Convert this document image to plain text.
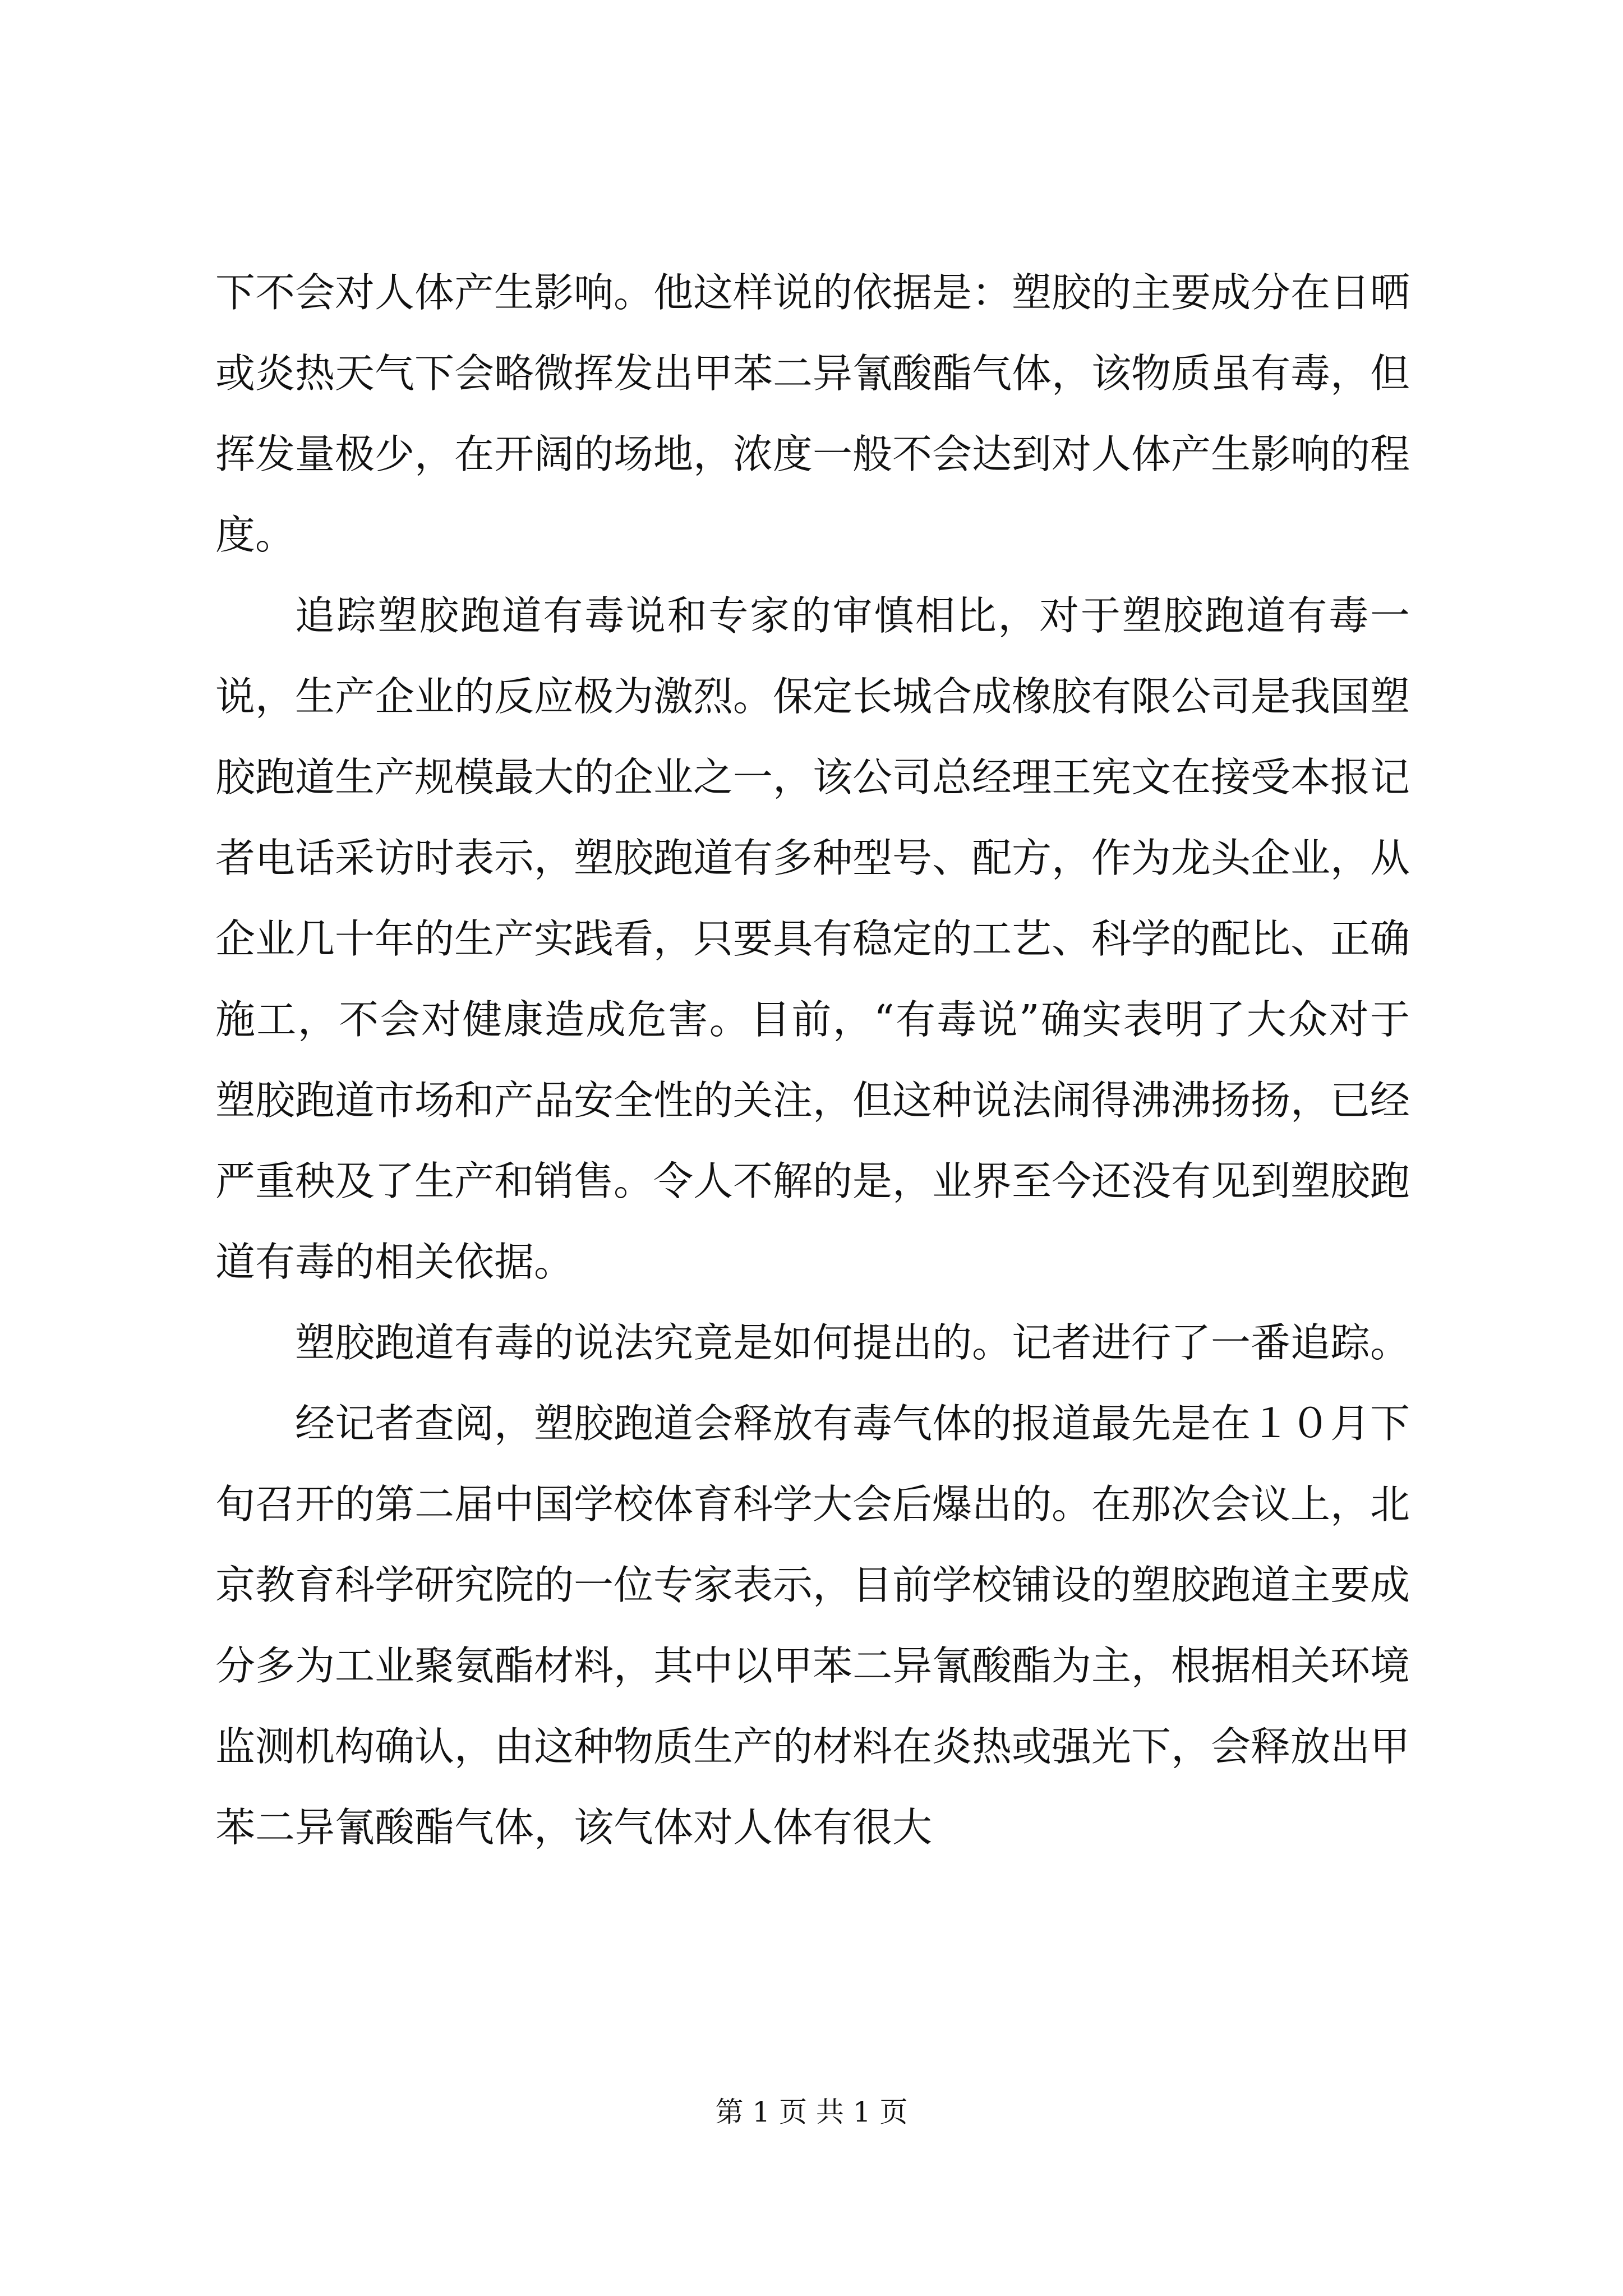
下不会对人体产生影响。他这样说的依据是：塑胶的主要成分在日晒或炎热天气下会略微挥发出甲苯二异氰酸酯气体，该物质虽有毒，但挥发量极少，在开阔的场地，浓度一般不会达到对人体产生影响的程度。

追踪塑胶跑道有毒说和专家的审慎相比，对于塑胶跑道有毒一说，生产企业的反应极为激烈。保定长城合成橡胶有限公司是我国塑胶跑道生产规模最大的企业之一，该公司总经理王宪文在接受本报记者电话采访时表示，塑胶跑道有多种型号、配方，作为龙头企业，从企业几十年的生产实践看，只要具有稳定的工艺、科学的配比、正确施工，不会对健康造成危害。目前，“有毒说”确实表明了大众对于塑胶跑道市场和产品安全性的关注，但这种说法闹得沸沸扬扬，已经严重秧及了生产和销售。令人不解的是，业界至今还没有见到塑胶跑道有毒的相关依据。

塑胶跑道有毒的说法究竟是如何提出的。记者进行了一番追踪。

经记者查阅，塑胶跑道会释放有毒气体的报道最先是在１０月下旬召开的第二届中国学校体育科学大会后爆出的。在那次会议上，北京教育科学研究院的一位专家表示，目前学校铺设的塑胶跑道主要成分多为工业聚氨酯材料，其中以甲苯二异氰酸酯为主，根据相关环境监测机构确认，由这种物质生产的材料在炎热或强光下，会释放出甲苯二异氰酸酯气体，该气体对人体有很大

第 1 页 共 1 页
